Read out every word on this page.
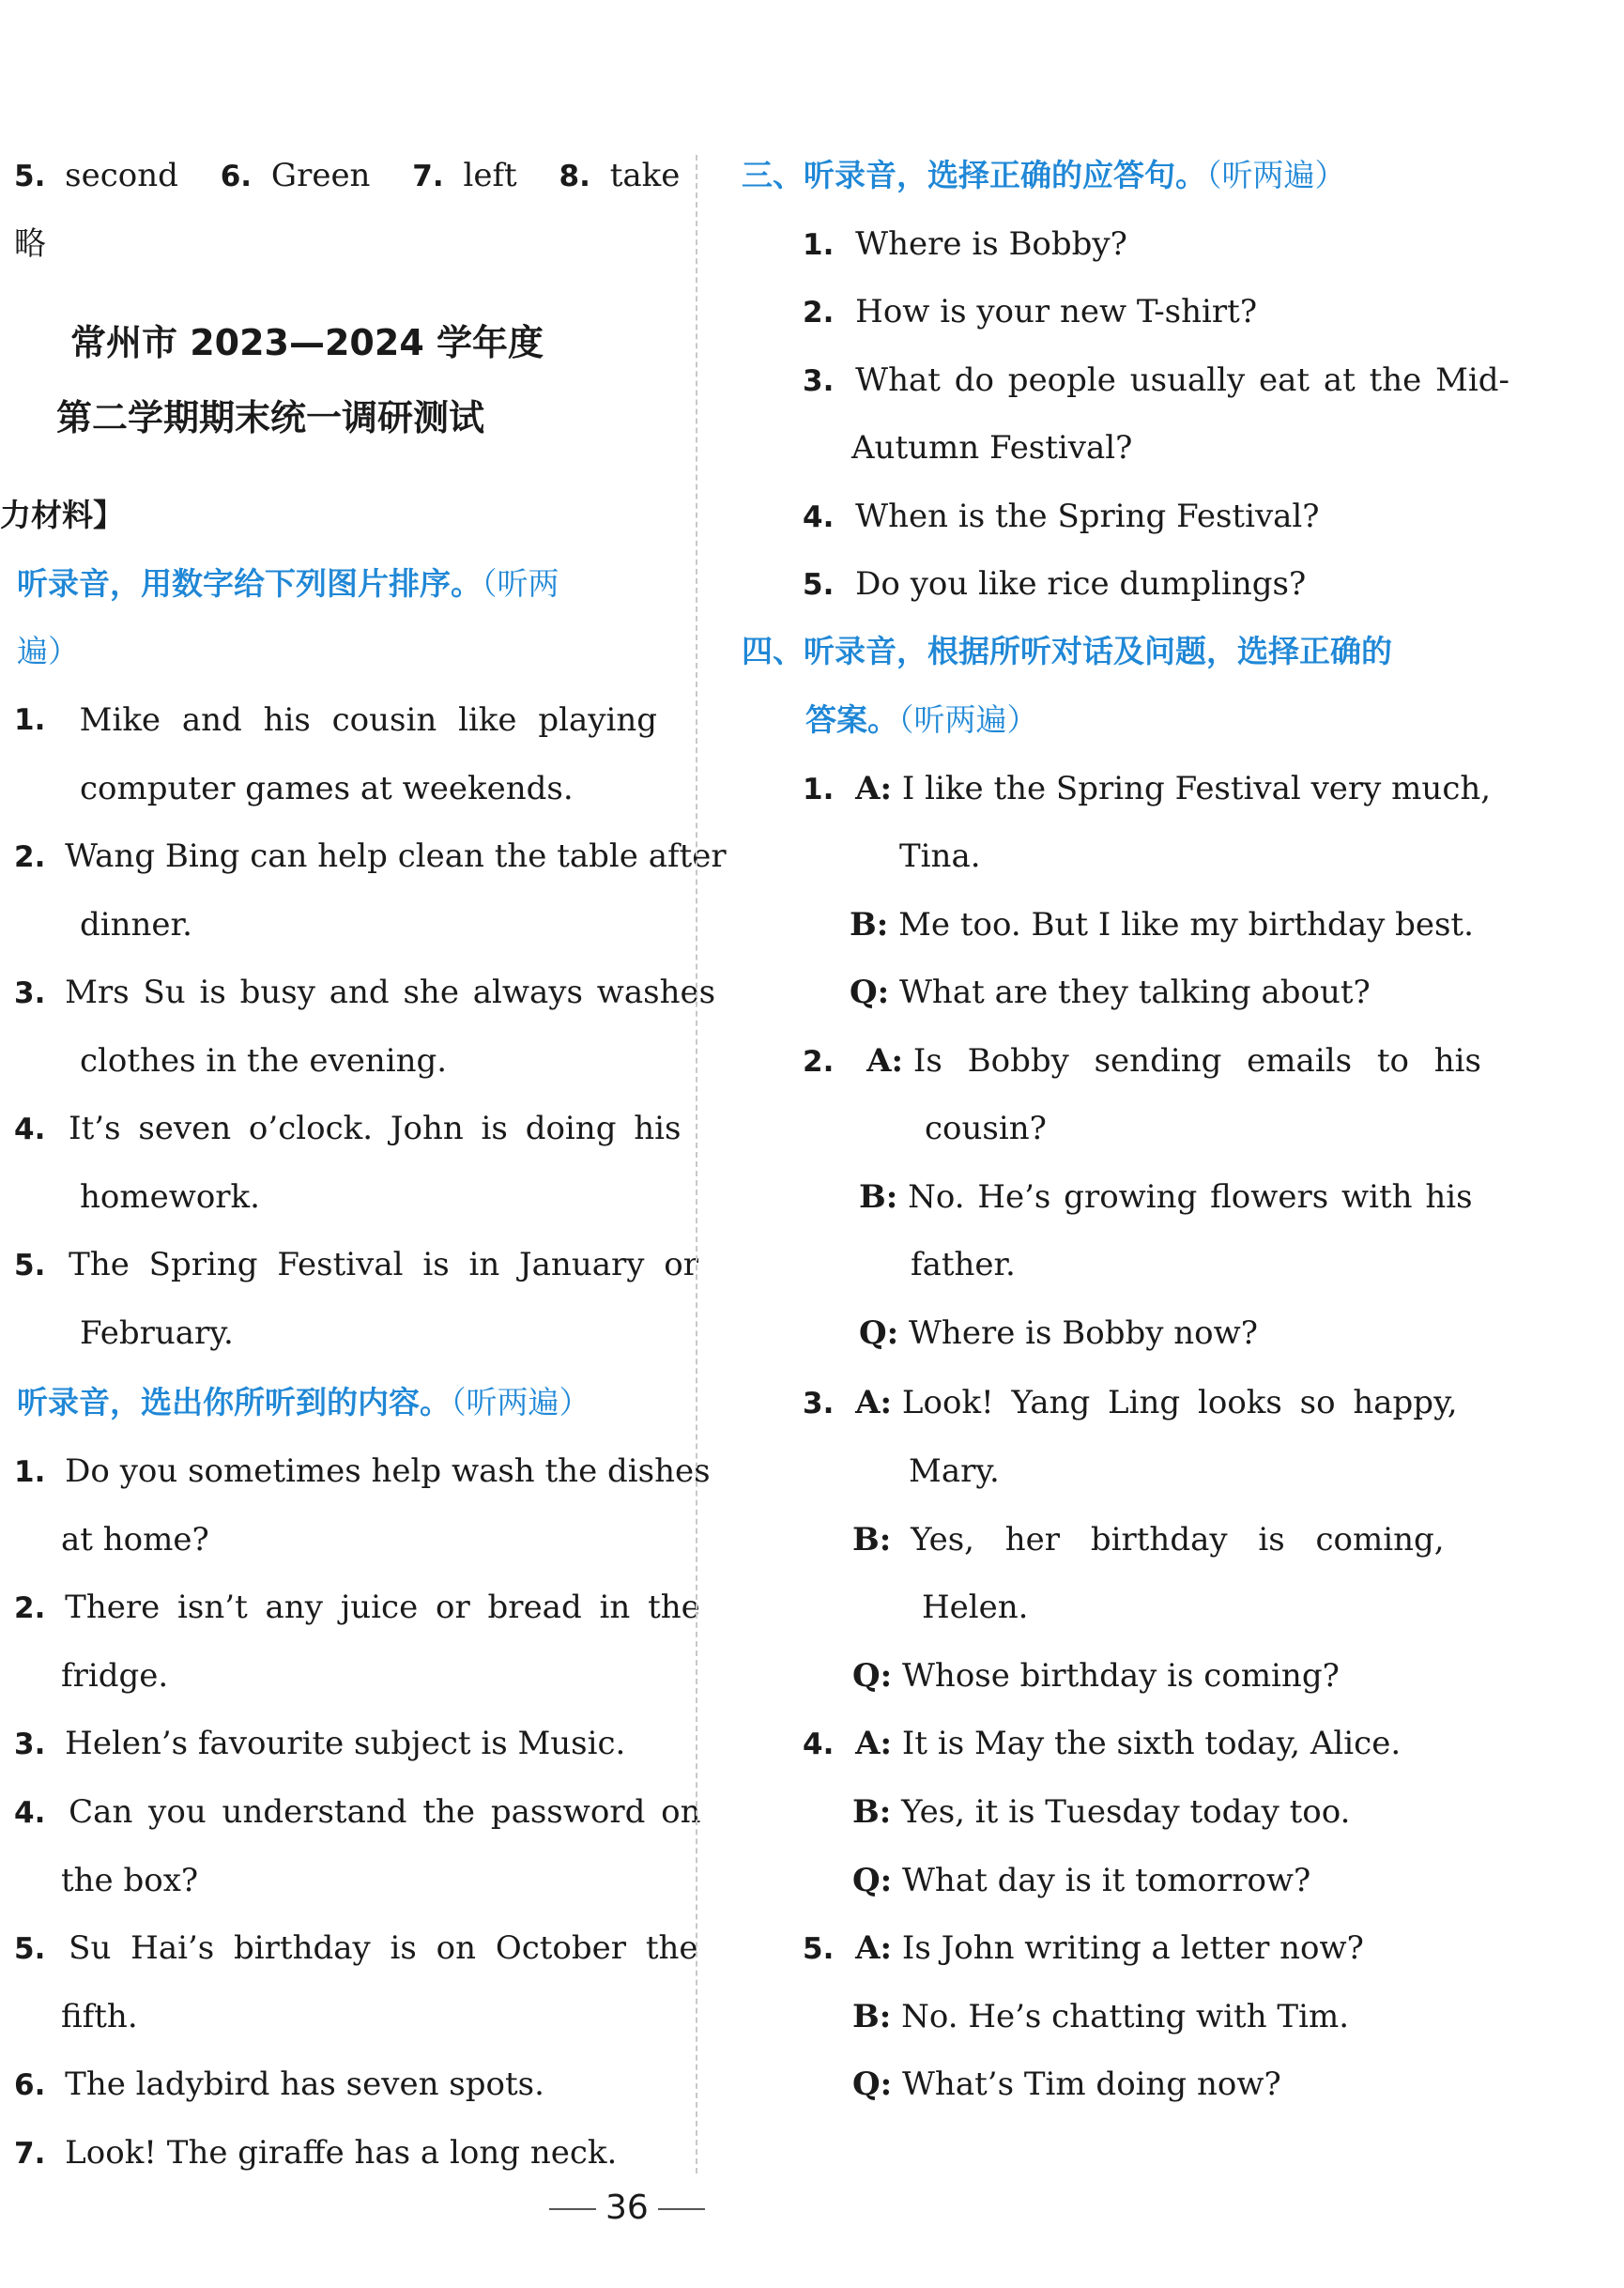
5. second 6. Green 7. left 8. take
略
常州市 2023—2024 学年度
第二学期期末统一调研测试
力材料】
听录音，用数字给下列图片排序。（听两
遍）
1. Mike and his cousin like playing
computer games at weekends.
2. Wang Bing can help clean the table after
dinner.
3. Mrs Su is busy and she always washes
clothes in the evening.
4. It’s seven o’clock. John is doing his
homework.
5. The Spring Festival is in January or
February.
听录音，选出你所听到的内容。（听两遍）
1. Do you sometimes help wash the dishes
at home?
2. There isn’t any juice or bread in the
fridge.
3. Helen’s favourite subject is Music.
4. Can you understand the password on
the box?
5. Su Hai’s birthday is on October the
fifth.
6. The ladybird has seven spots.
7. Look! The giraffe has a long neck.
三、听录音，选择正确的应答句。（听两遍）
1. Where is Bobby?
2. How is your new T-shirt?
3. What do people usually eat at the Mid-
Autumn Festival?
4. When is the Spring Festival?
5. Do you like rice dumplings?
四、听录音，根据所听对话及问题，选择正确的
答案。（听两遍）
1. A: I like the Spring Festival very much,
Tina.
B: Me too. But I like my birthday best.
Q: What are they talking about?
2. A: Is Bobby sending emails to his
cousin?
B: No. He’s growing flowers with his
father.
Q: Where is Bobby now?
3. A: Look! Yang Ling looks so happy,
Mary.
B: Yes, her birthday is coming,
Helen.
Q: Whose birthday is coming?
4. A: It is May the sixth today, Alice.
B: Yes, it is Tuesday today too.
Q: What day is it tomorrow?
5. A: Is John writing a letter now?
B: No. He’s chatting with Tim.
Q: What’s Tim doing now?
36
